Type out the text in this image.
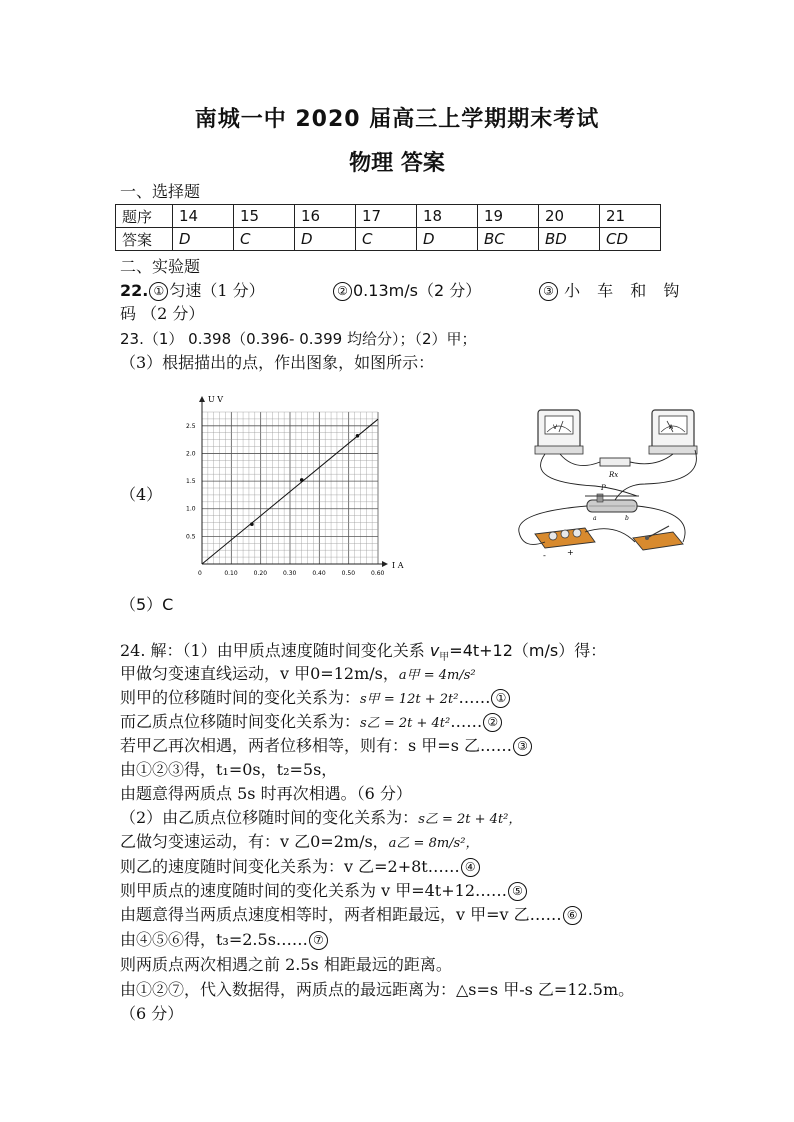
南城一中 2020 届高三上学期期末考试
物理 答案
一、选择题
题序	14	15	16	17	18	19	20	21
答案	D	C	D	C	D	BC	BD	CD
二、实验题
22. ① 匀速（1 分）	② 0.13m/s（2 分）	③ 小 车 和 钩
码 （2 分）
23.（1） 0.398（0.396- 0.399 均给分）；（2）甲；
（3）根据描出的点，作出图象，如图所示：
（4）
（5）C
I A
U V
0	0.10	0.20	0.30	0.40	0.50	0.60
0.5
1.0
1.5
2.0
2.5	V	A
Rx
P
a	b
-	+
24. 解：（1）由甲质点速度随时间变化关系 $v_甲=4t+12(m/s)$得：
甲做匀变速直线运动，v 甲0=12m/s，a甲 = 4m/s²
则甲的位移随时间的变化关系为：s甲 = 12t + 2t²…… ①
而乙质点位移随时间变化关系为：s乙 = 2t + 4t²…… ②
若甲乙再次相遇，两者位移相等，则有：s 甲=s 乙…… ③
由①②③得，t₁=0s，t₂=5s，
由题意得两质点 5s 时再次相遇。（6 分）
（2）由乙质点位移随时间的变化关系为：s乙 = 2t + 4t²，
乙做匀变速运动，有：v 乙0=2m/s，a乙 = 8m/s²，
则乙的速度随时间变化关系为：v 乙=2+8t…… ④
则甲质点的速度随时间的变化关系为 v 甲=4t+12…… ⑤
由题意得当两质点速度相等时，两者相距最远，v 甲=v 乙…… ⑥
由④⑤⑥得，t₃=2.5s…… ⑦
则两质点两次相遇之前 2.5s 相距最远的距离。
由①②⑦，代入数据得，两质点的最远距离为：△s=s 甲-s 乙=12.5m。
（6 分）
